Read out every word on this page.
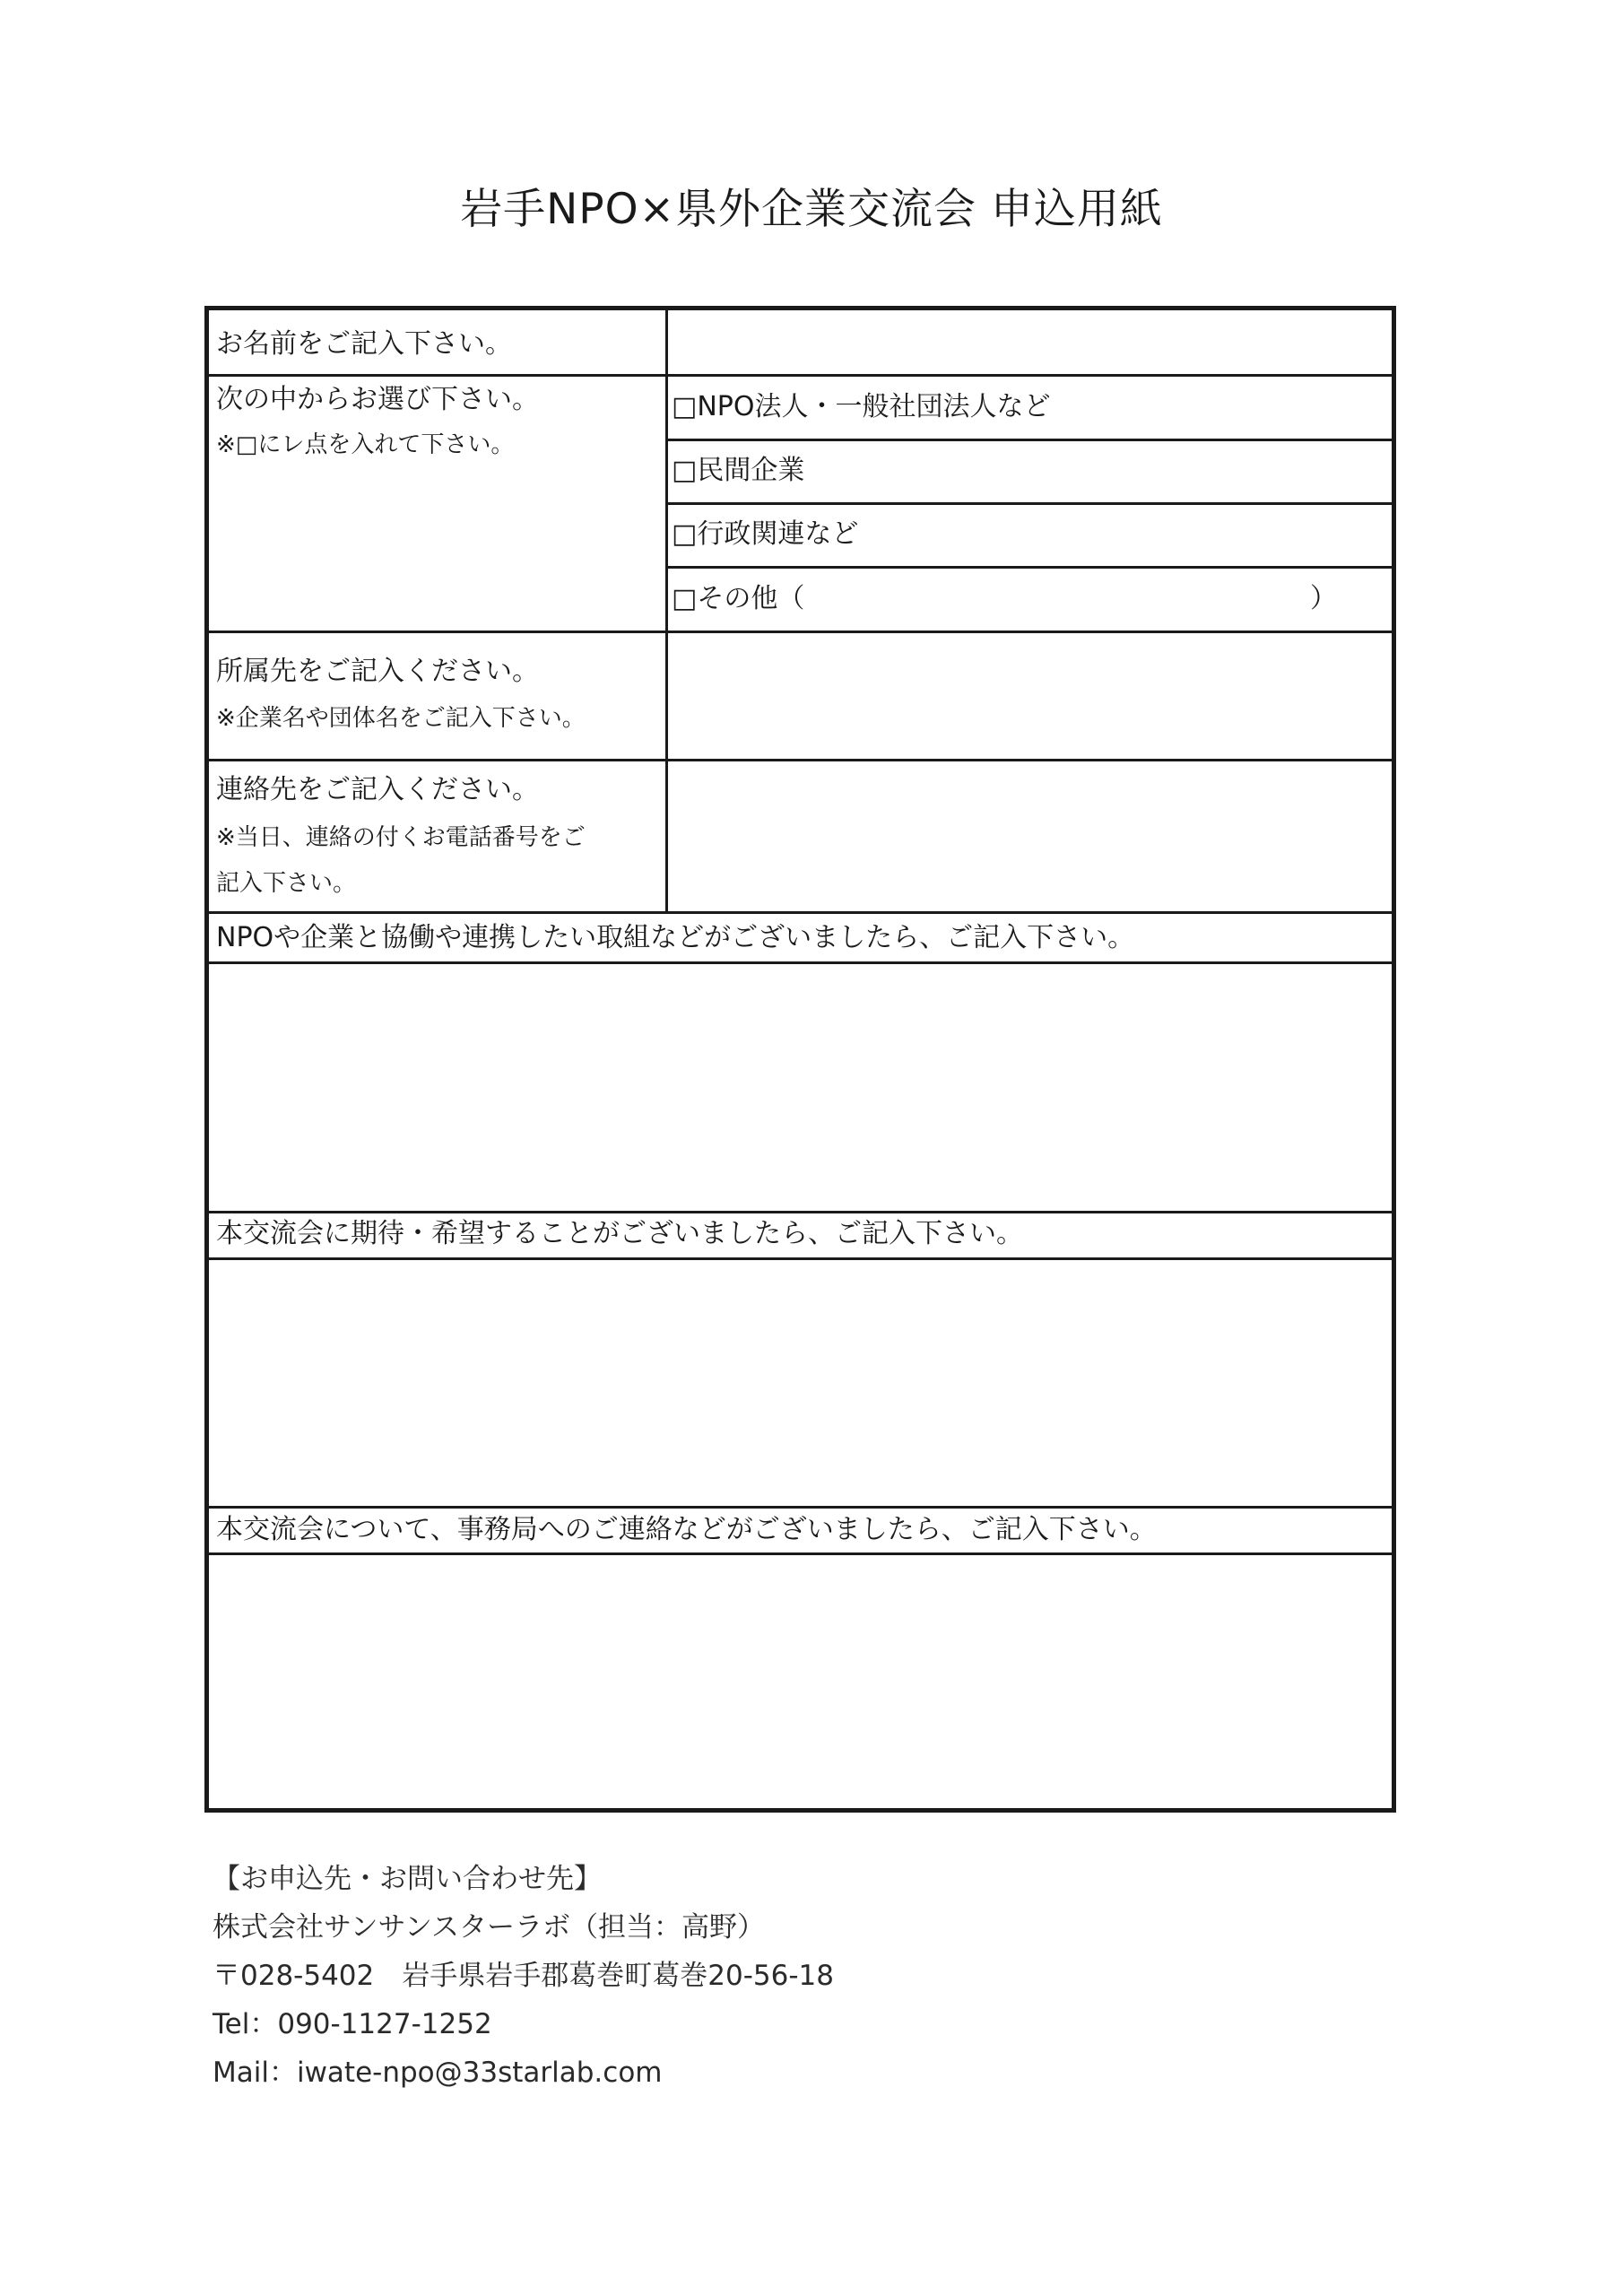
岩手NPO×県外企業交流会 申込用紙
お名前をご記入下さい。
次の中からお選び下さい。
※□にレ点を入れて下さい。
□NPO法人・一般社団法人など
□民間企業
□行政関連など
□その他（	）
所属先をご記入ください。
※企業名や団体名をご記入下さい。
連絡先をご記入ください。
※当日、連絡の付くお電話番号をご
記入下さい。
NPOや企業と協働や連携したい取組などがございましたら、ご記入下さい。
本交流会に期待・希望することがございましたら、ご記入下さい。
本交流会について、事務局へのご連絡などがございましたら、ご記入下さい。
【お申込先・お問い合わせ先】
株式会社サンサンスターラボ（担当：高野）
〒028-5402　岩手県岩手郡葛巻町葛巻20-56-18
Tel：090-1127-1252
Mail：iwate-npo@33starlab.com
